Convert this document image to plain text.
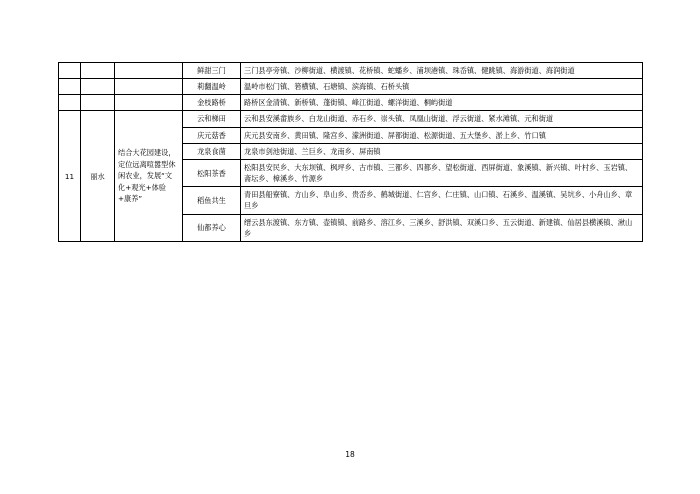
			鲜甜三门	三门县亭旁镇、沙柳街道、横渡镇、花桥镇、蛇蟠乡、浦坝港镇、珠岙镇、健跳镇、海游街道、海润街道
			莉翻温岭	温岭市松门镇、箬横镇、石塘镇、滨海镇、石桥头镇
			金枝路桥	路桥区金清镇、新桥镇、蓬街镇、峰江街道、螺洋街道、桐屿街道
11	丽水	结合大花园建设，定位远离喧嚣型休闲农业，发展“文化+观光+体验+康养”	云和梯田	云和县安溪畲族乡、白龙山街道、赤石乡、崇头镇、凤凰山街道、浮云街道、紧水滩镇、元和街道
			庆元菇香	庆元县安南乡、黄田镇、隆宫乡、濛洲街道、屏都街道、松源街道、五大堡乡、淤上乡、竹口镇
			龙泉食菌	龙泉市剑池街道、兰巨乡、龙南乡、屏南镇
			松阳茶香	松阳县安民乡、大东坝镇、枫坪乡、古市镇、三都乡、四都乡、望松街道、西屏街道、象溪镇、新兴镇、叶村乡、玉岩镇、斋坛乡、樟溪乡、竹源乡
			稻鱼共生	青田县船寮镇、方山乡、阜山乡、贵岙乡、鹤城街道、仁宫乡、仁庄镇、山口镇、石溪乡、温溪镇、吴坑乡、小舟山乡、章旦乡
			仙都养心	缙云县东渡镇、东方镇、壶镇镇、前路乡、溶江乡、三溪乡、舒洪镇、双溪口乡、五云街道、新建镇、仙居县横溪镇、湫山乡
18
